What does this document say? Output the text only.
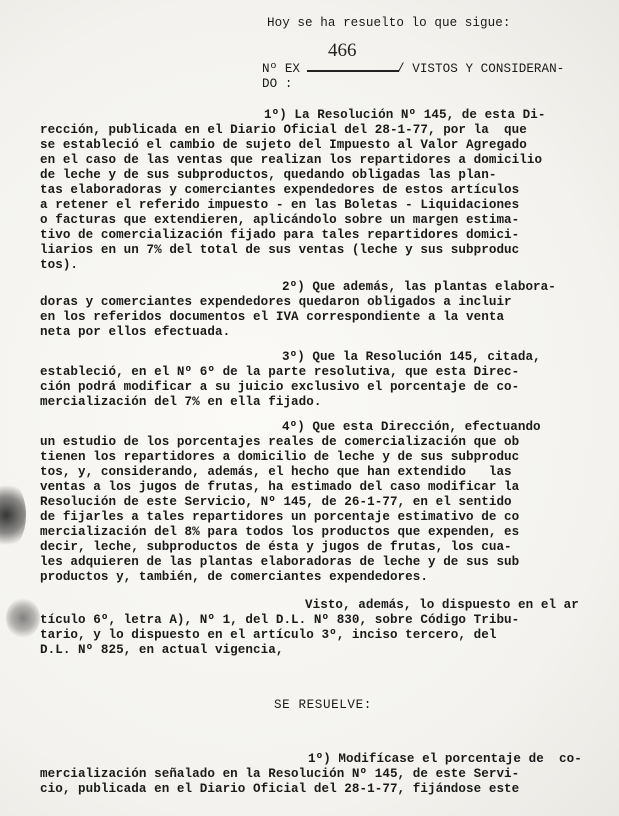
Hoy se ha resuelto lo que sigue:
466
Nº EX	/ VISTOS Y CONSIDERAN-
DO :
1º) La Resolución Nº 145, de esta Di-
rección, publicada en el Diario Oficial del 28-1-77, por la  que
se estableció el cambio de sujeto del Impuesto al Valor Agregado
en el caso de las ventas que realizan los repartidores a domicilio
de leche y de sus subproductos, quedando obligadas las plan-
tas elaboradoras y comerciantes expendedores de estos artículos
a retener el referido impuesto - en las Boletas - Liquidaciones
o facturas que extendieren, aplicándolo sobre un margen estima-
tivo de comercialización fijado para tales repartidores domici-
liarios en un 7% del total de sus ventas (leche y sus subproduc
tos).
2º) Que además, las plantas elabora-
doras y comerciantes expendedores quedaron obligados a incluir
en los referidos documentos el IVA correspondiente a la venta
neta por ellos efectuada.
3º) Que la Resolución 145, citada,
estableció, en el Nº 6º de la parte resolutiva, que esta Direc-
ción podrá modificar a su juicio exclusivo el porcentaje de co-
mercialización del 7% en ella fijado.
4º) Que esta Dirección, efectuando
un estudio de los porcentajes reales de comercialización que ob
tienen los repartidores a domicilio de leche y de sus subproduc
tos, y, considerando, además, el hecho que han extendido   las
ventas a los jugos de frutas, ha estimado del caso modificar la
Resolución de este Servicio, Nº 145, de 26-1-77, en el sentido
de fijarles a tales repartidores un porcentaje estimativo de co
mercialización del 8% para todos los productos que expenden, es
decir, leche, subproductos de ésta y jugos de frutas, los cua-
les adquieren de las plantas elaboradoras de leche y de sus sub
productos y, también, de comerciantes expendedores.
Visto, además, lo dispuesto en el ar
tículo 6º, letra A), Nº 1, del D.L. Nº 830, sobre Código Tribu-
tario, y lo dispuesto en el artículo 3º, inciso tercero, del
D.L. Nº 825, en actual vigencia,
SE RESUELVE:
1º) Modifícase el porcentaje de  co-
mercialización señalado en la Resolución Nº 145, de este Servi-
cio, publicada en el Diario Oficial del 28-1-77, fijándose este
